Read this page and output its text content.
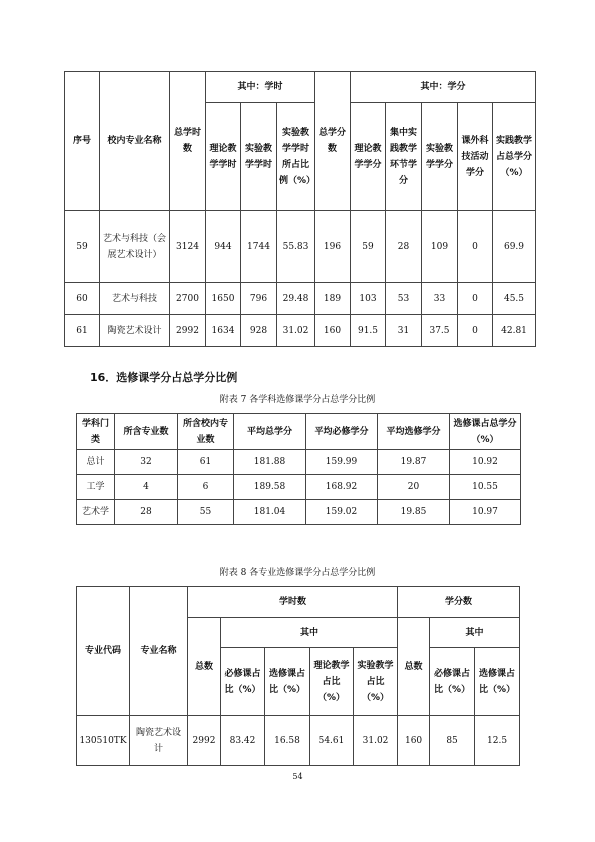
序号	校内专业名称	总学时数	其中：学时			总学分数	其中：学分				
			理论教学学时	实验教学学时	实验教学学时所占比例（%）		理论教学学分	集中实践教学环节学分	实验教学学分	课外科技活动学分	实践教学占总学分（%）

59	艺术与科技（会展艺术设计）	3124	944	1744	55.83	196	59	28	109	0	69.9
60	艺术与科技	2700	1650	796	29.48	189	103	53	33	0	45.5
61	陶瓷艺术设计	2992	1634	928	31.02	160	91.5	31	37.5	0	42.81
16．选修课学分占总学分比例
附表 7 各学科选修课学分占总学分比例
学科门类	所含专业数	所含校内专业数	平均总学分	平均必修学分	平均选修学分	选修课占总学分（%）
总计	32	61	181.88	159.99	19.87	10.92
工学	4	6	189.58	168.92	20	10.55
艺术学	28	55	181.04	159.02	19.85	10.97
附表 8 各专业选修课学分占总学分比例
专业代码	专业名称	学时数					学分数		
		总数	其中				总数	其中	
			必修课占比（%）	选修课占比（%）	理论教学占比（%）	实验教学占比（%）		必修课占比（%）	选修课占比（%）
130510TK	陶瓷艺术设计	2992	83.42	16.58	54.61	31.02	160	85	12.5
54
